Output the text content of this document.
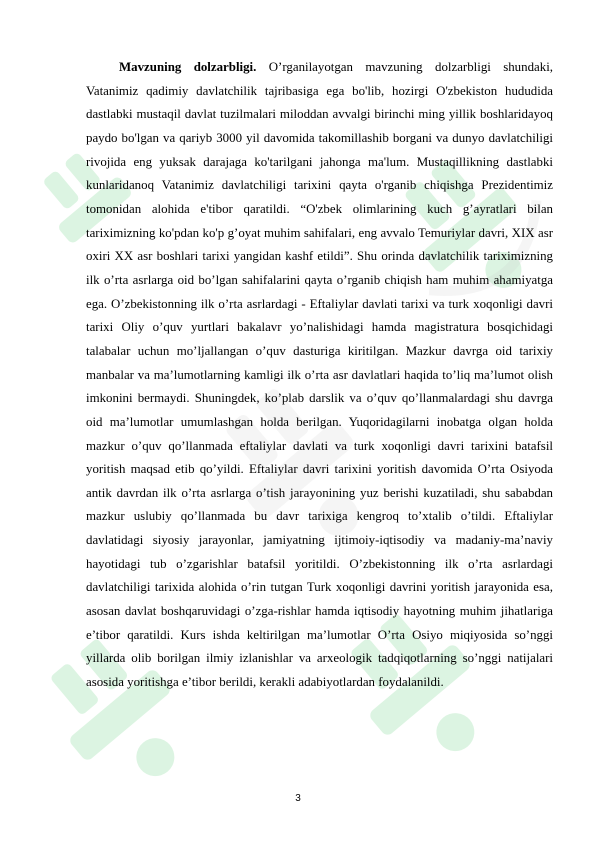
Mavzuning dolzarbligi. O’rganilayotgan mavzuning dolzarbligi shundaki, Vatanimiz qadimiy davlatchilik tajribasiga ega bo'lib, hozirgi O'zbekiston hududida dastlabki mustaqil davlat tuzilmalari miloddan avvalgi birinchi ming yillik boshlaridayoq paydo bo'lgan va qariyb 3000 yil davomida takomillashib borgani va dunyo davlatchiligi rivojida eng yuksak darajaga ko'tarilgani jahonga ma'lum. Mustaqillikning dastlabki kunlaridanoq Vatanimiz davlatchiligi tarixini qayta o'rganib chiqishga Prezidentimiz tomonidan alohida e'tibor qaratildi. “O'zbek olimlarining kuch g’ayratlari bilan tariximizning ko'pdan ko'p g’oyat muhim sahifalari, eng avvalo Temuriylar davri, XIX asr oxiri XX asr boshlari tarixi yangidan kashf etildi”. Shu orinda davlatchilik tariximizning ilk o’rta asrlarga oid bo’lgan sahifalarini qayta o’rganib chiqish ham muhim ahamiyatga ega. O’zbekistonning ilk o’rta asrlardagi - Eftaliylar davlati tarixi va turk xoqonligi davri tarixi Oliy o’quv yurtlari bakalavr yo’nalishidagi hamda magistratura bosqichidagi talabalar uchun mo’ljallangan o’quv dasturiga kiritilgan. Mazkur davrga oid tarixiy manbalar va ma’lumotlarning kamligi ilk o’rta asr davlatlari haqida to’liq ma’lumot olish imkonini bermaydi. Shuningdek, ko’plab darslik va o’quv qo’llanmalardagi shu davrga oid ma’lumotlar umumlashgan holda berilgan. Yuqoridagilarni inobatga olgan holda mazkur o’quv qo’llanmada eftaliylar davlati va turk xoqonligi davri tarixini batafsil yoritish maqsad etib qo’yildi. Eftaliylar davri tarixini yoritish davomida O’rta Osiyoda antik davrdan ilk o’rta asrlarga o’tish jarayonining yuz berishi kuzatiladi, shu sababdan mazkur uslubiy qo’llanmada bu davr tarixiga kengroq to’xtalib o’tildi. Eftaliylar davlatidagi siyosiy jarayonlar, jamiyatning ijtimoiy-iqtisodiy va madaniy-ma’naviy hayotidagi tub o’zgarishlar batafsil yoritildi. O’zbekistonning ilk o’rta asrlardagi davlatchiligi tarixida alohida o’rin tutgan Turk xoqonligi davrini yoritish jarayonida esa, asosan davlat boshqaruvidagi o’zga-rishlar hamda iqtisodiy hayotning muhim jihatlariga e’tibor qaratildi. Kurs ishda keltirilgan ma’lumotlar O’rta Osiyo miqiyosida so’nggi yillarda olib borilgan ilmiy izlanishlar va arxeologik tadqiqotlarning so’nggi natijalari asosida yoritishga e’tibor berildi, kerakli adabiyotlardan foydalanildi.

3
